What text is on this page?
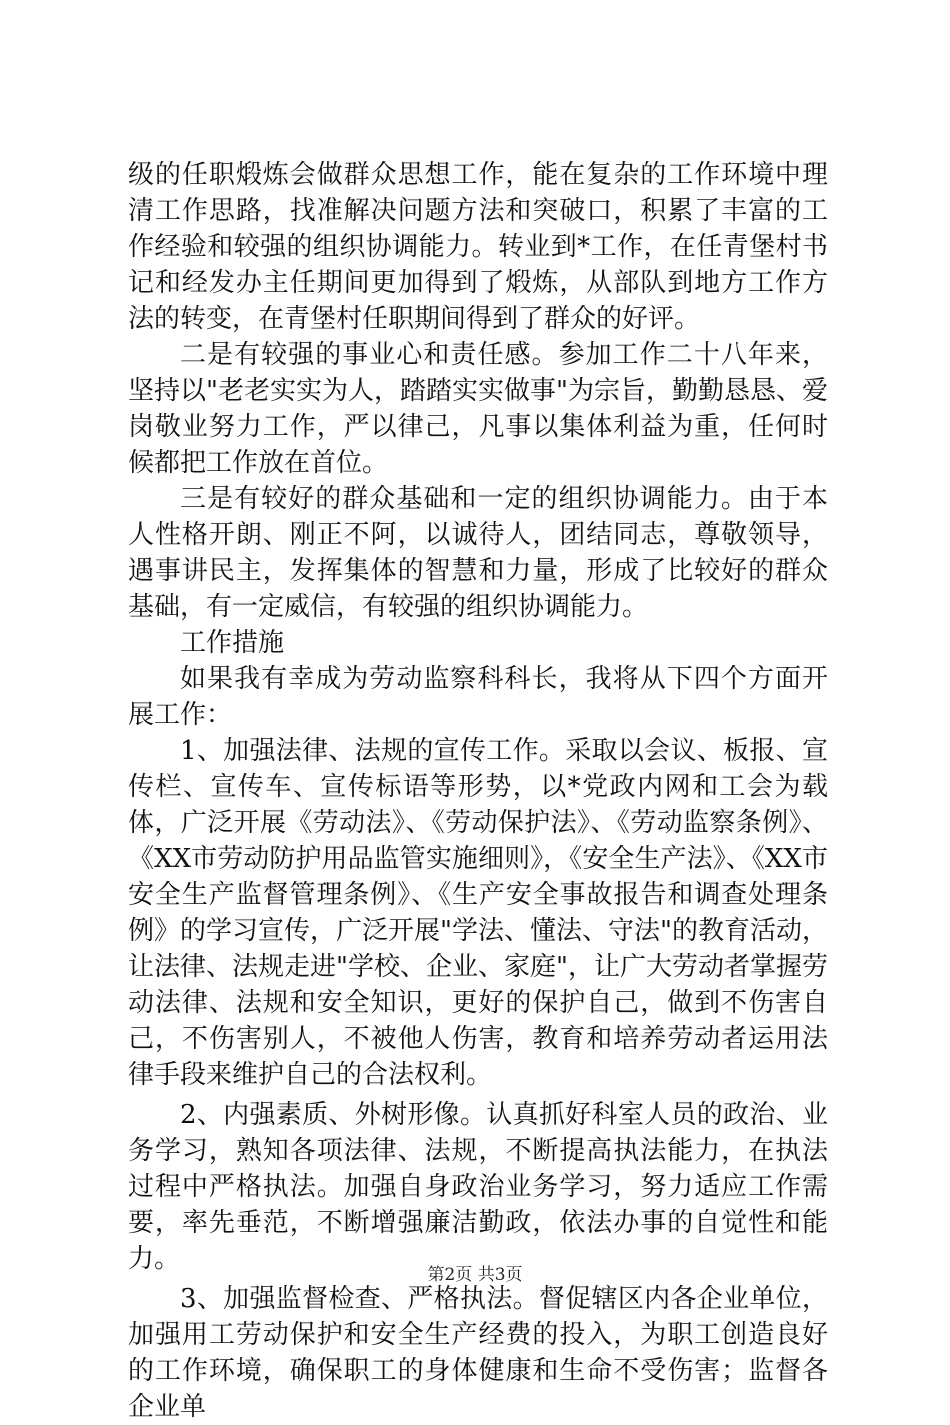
级的任职煅炼会做群众思想工作，能在复杂的工作环境中理清工作思路，找准解决问题方法和突破口，积累了丰富的工作经验和较强的组织协调能力。转业到*工作，在任青堡村书记和经发办主任期间更加得到了煅炼，从部队到地方工作方法的转变，在青堡村任职期间得到了群众的好评。

二是有较强的事业心和责任感。参加工作二十八年来，坚持以"老老实实为人，踏踏实实做事"为宗旨，勤勤恳恳、爱岗敬业努力工作，严以律己，凡事以集体利益为重，任何时候都把工作放在首位。

三是有较好的群众基础和一定的组织协调能力。由于本人性格开朗、刚正不阿，以诚待人，团结同志，尊敬领导，遇事讲民主，发挥集体的智慧和力量，形成了比较好的群众基础，有一定威信，有较强的组织协调能力。

工作措施

如果我有幸成为劳动监察科科长，我将从下四个方面开展工作：

1、加强法律、法规的宣传工作。采取以会议、板报、宣传栏、宣传车、宣传标语等形势，以*党政内网和工会为载体，广泛开展《劳动法》、《劳动保护法》、《劳动监察条例》、《XX市劳动防护用品监管实施细则》，《安全生产法》、《XX市安全生产监督管理条例》、《生产安全事故报告和调查处理条例》的学习宣传，广泛开展"学法、懂法、守法"的教育活动，让法律、法规走进"学校、企业、家庭"，让广大劳动者掌握劳动法律、法规和安全知识，更好的保护自己，做到不伤害自己，不伤害别人，不被他人伤害，教育和培养劳动者运用法律手段来维护自己的合法权利。

2、内强素质、外树形像。认真抓好科室人员的政治、业务学习，熟知各项法律、法规，不断提高执法能力，在执法过程中严格执法。加强自身政治业务学习，努力适应工作需要，率先垂范，不断增强廉洁勤政，依法办事的自觉性和能力。

3、加强监督检查、严格执法。督促辖区内各企业单位，加强用工劳动保护和安全生产经费的投入，为职工创造良好的工作环境，确保职工的身体健康和生命不受伤害；监督各企业单

第2页 共3页
